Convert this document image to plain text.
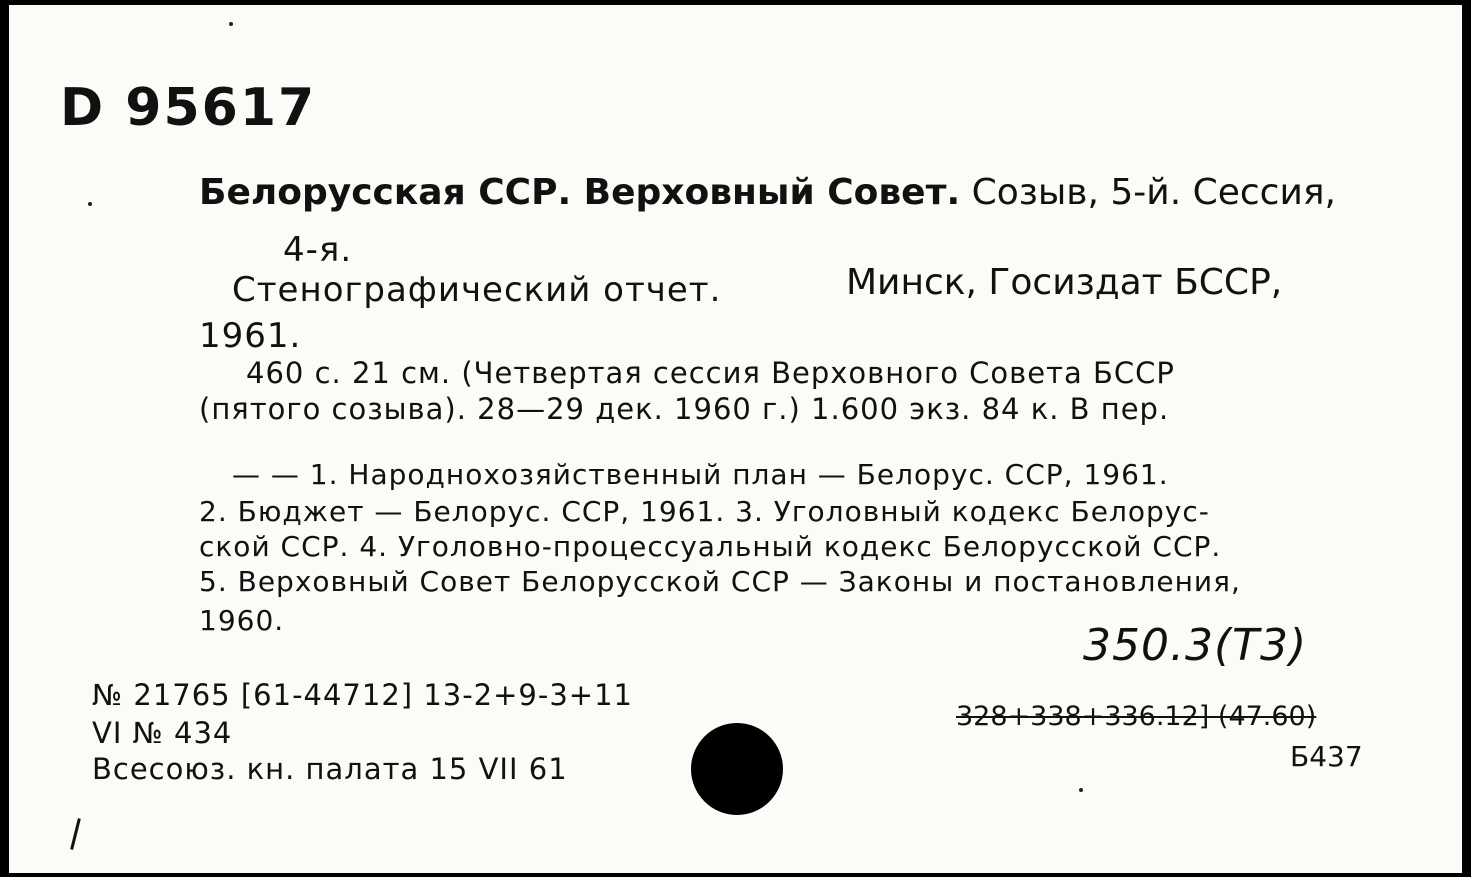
D 95617
Белорусская ССР. Верховный Совет. Созыв, 5-й. Сессия,
4-я.
Стенографический отчет.	Минск, Госиздат БССР,
1961.
460 с. 21 см. (Четвертая сессия Верховного Совета БССР
(пятого созыва). 28—29 дек. 1960 г.) 1.600 экз. 84 к. В пер.
— — 1. Народнохозяйственный план — Белорус. ССР, 1961.
2. Бюджет — Белорус. ССР, 1961. 3. Уголовный кодекс Белорус-
ской ССР. 4. Уголовно-процессуальный кодекс Белорусской ССР.
5. Верховный Совет Белорусской ССР — Законы и постановления,
1960.	350.3(Т3)
№ 21765 [61-44712] 13-2+9-3+11
VI № 434
Всесоюз. кн. палата 15 VII 61
328+338+336.12] (47.60)
Б437
